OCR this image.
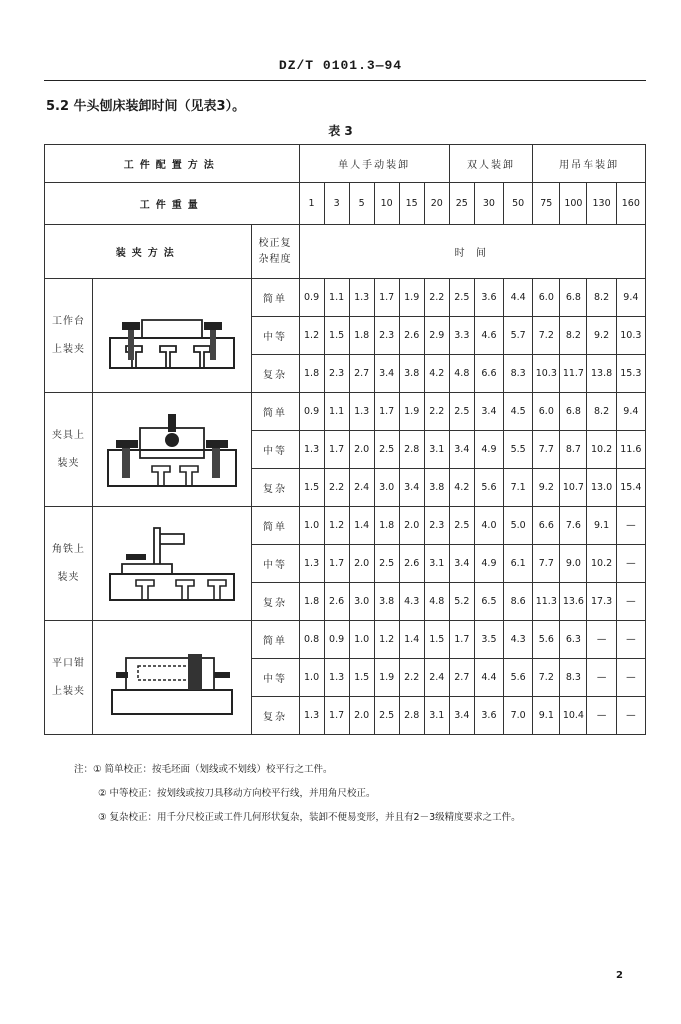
DZ/T 0101.3—94
5.2 牛头刨床装卸时间（见表3）。
表 3
工件配置方法			单人手动装卸						双人装卸			用吊车装卸			
工件重量			1	3	5	10	15	20	25	30	50	75	100	130	160
装夹方法		校正复
杂程度	时 间												
工作台
上装夹		简单	0.9	1.1	1.3	1.7	1.9	2.2	2.5	3.6	4.4	6.0	6.8	8.2	9.4
		中等	1.2	1.5	1.8	2.3	2.6	2.9	3.3	4.6	5.7	7.2	8.2	9.2	10.3
		复杂	1.8	2.3	2.7	3.4	3.8	4.2	4.8	6.6	8.3	10.3	11.7	13.8	15.3
夹具上
装夹		简单	0.9	1.1	1.3	1.7	1.9	2.2	2.5	3.4	4.5	6.0	6.8	8.2	9.4
		中等	1.3	1.7	2.0	2.5	2.8	3.1	3.4	4.9	5.5	7.7	8.7	10.2	11.6
		复杂	1.5	2.2	2.4	3.0	3.4	3.8	4.2	5.6	7.1	9.2	10.7	13.0	15.4
角铁上
装夹		简单	1.0	1.2	1.4	1.8	2.0	2.3	2.5	4.0	5.0	6.6	7.6	9.1	—
		中等	1.3	1.7	2.0	2.5	2.6	3.1	3.4	4.9	6.1	7.7	9.0	10.2	—
		复杂	1.8	2.6	3.0	3.8	4.3	4.8	5.2	6.5	8.6	11.3	13.6	17.3	—
平口钳
上装夹		简单	0.8	0.9	1.0	1.2	1.4	1.5	1.7	3.5	4.3	5.6	6.3	—	—
		中等	1.0	1.3	1.5	1.9	2.2	2.4	2.7	4.4	5.6	7.2	8.3	—	—
		复杂	1.3	1.7	2.0	2.5	2.8	3.1	3.4	3.6	7.0	9.1	10.4	—	—
注：① 简单校正：按毛坯面（划线或不划线）校平行之工件。
② 中等校正：按划线或按刀具移动方向校平行线，并用角尺校正。
③ 复杂校正：用千分尺校正或工件几何形状复杂，装卸不便易变形，并且有2－3级精度要求之工件。
2
